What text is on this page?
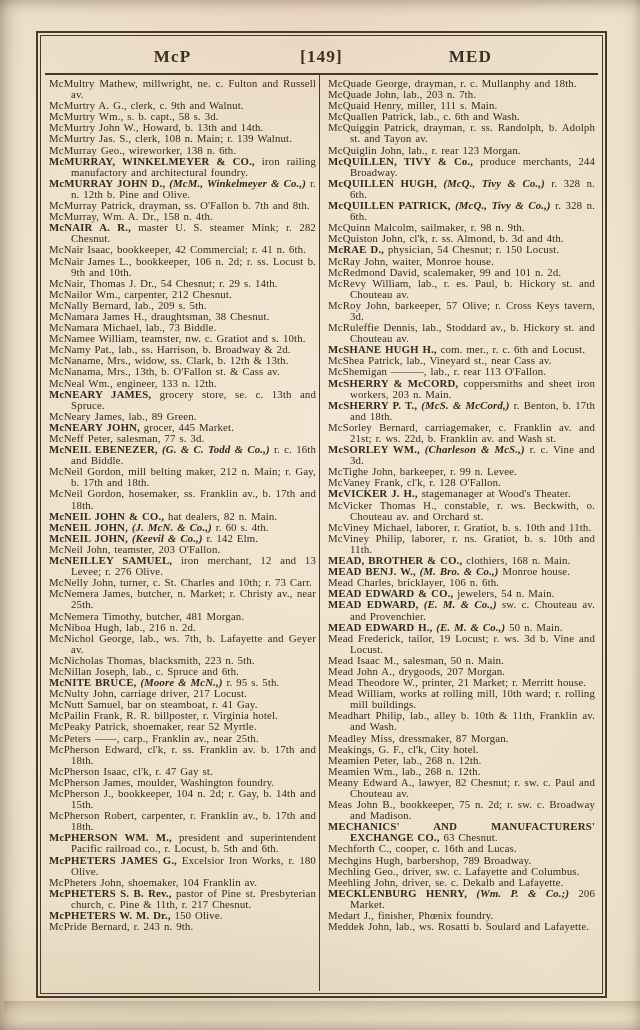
McP	[149]	MED
McMultry Mathew, millwright, ne. c. Fulton and Russell av.
McMurtry A. G., clerk, c. 9th and Walnut.
McMurtry Wm., s. b. capt., 58 s. 3d.
McMurtry John W., Howard, b. 13th and 14th.
McMurtry Jas. S., clerk, 108 n. Main; r. 139 Walnut.
McMurray Geo., wireworker, 138 n. 6th.
McMURRAY, WINKELMEYER & CO., iron railing manufactory and architectural foundry.
McMURRAY JOHN D., (McM., Winkelmeyer & Co.,) r. n. 12th b. Pine and Olive.
McMurray Patrick, drayman, ss. O'Fallon b. 7th and 8th.
McMurray, Wm. A. Dr., 158 n. 4th.
McNAIR A. R., master U. S. steamer Mink; r. 282 Chesnut.
McNair Isaac, bookkeeper, 42 Commercial; r. 41 n. 6th.
McNair James L., bookkeeper, 106 n. 2d; r. ss. Locust b. 9th and 10th.
McNair, Thomas J. Dr., 54 Chesnut; r. 29 s. 14th.
McNailor Wm., carpenter, 212 Chesnut.
McNally Bernard, lab., 209 s. 5th.
McNamara James H., draughtsman, 38 Chesnut.
McNamara Michael, lab., 73 Biddle.
McNamee William, teamster, nw. c. Gratiot and s. 10th.
McNamy Pat., lab., ss. Harrison, b. Broadway & 2d.
McNaname, Mrs., widow, ss. Clark, b. 12th & 13th.
McNanama, Mrs., 13th, b. O'Fallon st. & Cass av.
McNeal Wm., engineer, 133 n. 12th.
McNEARY JAMES, grocery store, se. c. 13th and Spruce.
McNeary James, lab., 89 Green.
McNEARY JOHN, grocer, 445 Market.
McNeff Peter, salesman, 77 s. 3d.
McNEIL EBENEZER, (G. & C. Todd & Co.,) r. c. 16th and Biddle.
McNeil Gordon, mill belting maker, 212 n. Main; r. Gay, b. 17th and 18th.
McNeil Gordon, hosemaker, ss. Franklin av., b. 17th and 18th.
McNEIL JOHN & CO., hat dealers, 82 n. Main.
McNEIL JOHN, (J. McN. & Co.,) r. 60 s. 4th.
McNEIL JOHN, (Keevil & Co.,) r. 142 Elm.
McNeil John, teamster, 203 O'Fallon.
McNEILLEY SAMUEL, iron merchant, 12 and 13 Levee; r. 276 Olive.
McNelly John, turner, c. St. Charles and 10th; r. 73 Carr.
McNemera James, butcher, n. Market; r. Christy av., near 25th.
McNemera Timothy, butcher, 481 Morgan.
McNiboa Hugh, lab., 216 n. 2d.
McNichol George, lab., ws. 7th, b. Lafayette and Geyer av.
McNicholas Thomas, blacksmith, 223 n. 5th.
McNillan Joseph, lab., c. Spruce and 6th.
McNITE BRUCE, (Moore & McN.,) r. 95 s. 5th.
McNulty John, carriage driver, 217 Locust.
McNutt Samuel, bar on steamboat, r. 41 Gay.
McPailin Frank, R. R. billposter, r. Virginia hotel.
McPeaky Patrick, shoemaker, rear 52 Myrtle.
McPeters ——, carp., Franklin av., near 25th.
McPherson Edward, cl'k, r. ss. Franklin av. b. 17th and 18th.
McPherson Isaac, cl'k, r. 47 Gay st.
McPherson James, moulder, Washington foundry.
McPherson J., bookkeeper, 104 n. 2d; r. Gay, b. 14th and 15th.
McPherson Robert, carpenter, r. Franklin av., b. 17th and 18th.
McPHERSON WM. M., president and superintendent Pacific railroad co., r. Locust, b. 5th and 6th.
McPHETERS JAMES G., Excelsior Iron Works, r. 180 Olive.
McPheters John, shoemaker, 104 Franklin av.
McPHETERS S. B. Rev., pastor of Pine st. Presbyterian church, c. Pine & 11th, r. 217 Chesnut.
McPHETERS W. M. Dr., 150 Olive.
McPride Bernard, r. 243 n. 9th.
McQuade George, drayman, r. c. Mullanphy and 18th.
McQuade John, lab., 203 n. 7th.
McQuaid Henry, miller, 111 s. Main.
McQuallen Patrick, lab., c. 6th and Wash.
McQuiggin Patrick, drayman, r. ss. Randolph, b. Adolph st. and Tayon av.
McQuiglin John, lab., r. rear 123 Morgan.
McQUILLEN, TIVY & Co., produce merchants, 244 Broadway.
McQUILLEN HUGH, (McQ., Tivy & Co.,) r. 328 n. 6th.
McQUILLEN PATRICK, (McQ., Tivy & Co.,) r. 328 n. 6th.
McQuinn Malcolm, sailmaker, r. 98 n. 9th.
McQuiston John, cl'k, r. ss. Almond, b. 3d and 4th.
McRAE D., physician, 54 Chesnut; r. 150 Locust.
McRay John, waiter, Monroe house.
McRedmond David, scalemaker, 99 and 101 n. 2d.
McRevy William, lab., r. es. Paul, b. Hickory st. and Chouteau av.
McRoy John, barkeeper, 57 Olive; r. Cross Keys tavern, 3d.
McRuleffie Dennis, lab., Stoddard av., b. Hickory st. and Chouteau av.
McSHANE HUGH H., com. mer., r. c. 6th and Locust.
McShea Patrick, lab., Vineyard st., near Cass av.
McShemigan ———, lab., r. rear 113 O'Fallon.
McSHERRY & McCORD, coppersmiths and sheet iron workers, 203 n. Main.
McSHERRY P. T., (McS. & McCord,) r. Benton, b. 17th and 18th.
McSorley Bernard, carriagemaker, c. Franklin av. and 21st; r. ws. 22d, b. Franklin av. and Wash st.
McSORLEY WM., (Charleson & McS.,) r. c. Vine and 3d.
McTighe John, barkeeper, r. 99 n. Levee.
McVaney Frank, cl'k, r. 128 O'Fallon.
McVICKER J. H., stagemanager at Wood's Theater.
McVicker Thomas H., constable, r. ws. Beckwith, o. Chouteau av. and Orchard st.
McViney Michael, laborer, r. Gratiot, b. s. 10th and 11th.
McViney Philip, laborer, r. ns. Gratiot, b. s. 10th and 11th.
MEAD, BROTHER & CO., clothiers, 168 n. Main.
MEAD BENJ. W., (M. Bro. & Co.,) Monroe house.
Mead Charles, bricklayer, 106 n. 6th.
MEAD EDWARD & CO., jewelers, 54 n. Main.
MEAD EDWARD, (E. M. & Co.,) sw. c. Chouteau av. and Provenchier.
MEAD EDWARD H., (E. M. & Co.,) 50 n. Main.
Mead Frederick, tailor, 19 Locust; r. ws. 3d b. Vine and Locust.
Mead Isaac M., salesman, 50 n. Main.
Mead John A., drygoods, 207 Morgan.
Mead Theodore W., printer, 21 Market; r. Merritt house.
Mead William, works at rolling mill, 10th ward; r. rolling mill buildings.
Meadhart Philip, lab., alley b. 10th & 11th, Franklin av. and Wash.
Meadley Miss, dressmaker, 87 Morgan.
Meakings, G. F., cl'k, City hotel.
Meamien Peter, lab., 268 n. 12th.
Meamien Wm., lab., 268 n. 12th.
Meany Edward A., lawyer, 82 Chesnut; r. sw. c. Paul and Chouteau av.
Meas John B., bookkeeper, 75 n. 2d; r. sw. c. Broadway and Madison.
MECHANICS' AND MANUFACTURERS' EXCHANGE CO., 63 Chesnut.
Mechforth C., cooper, c. 16th and Lucas.
Mechgins Hugh, barbershop, 789 Broadway.
Mechling Geo., driver, sw. c. Lafayette and Columbus.
Meehling John, driver, se. c. Dekalb and Lafayette.
MECKLENBURG HENRY, (Wm. P. & Co.;) 206 Market.
Medart J., finisher, Phœnix foundry.
Meddek John, lab., ws. Rosatti b. Soulard and Lafayette.
